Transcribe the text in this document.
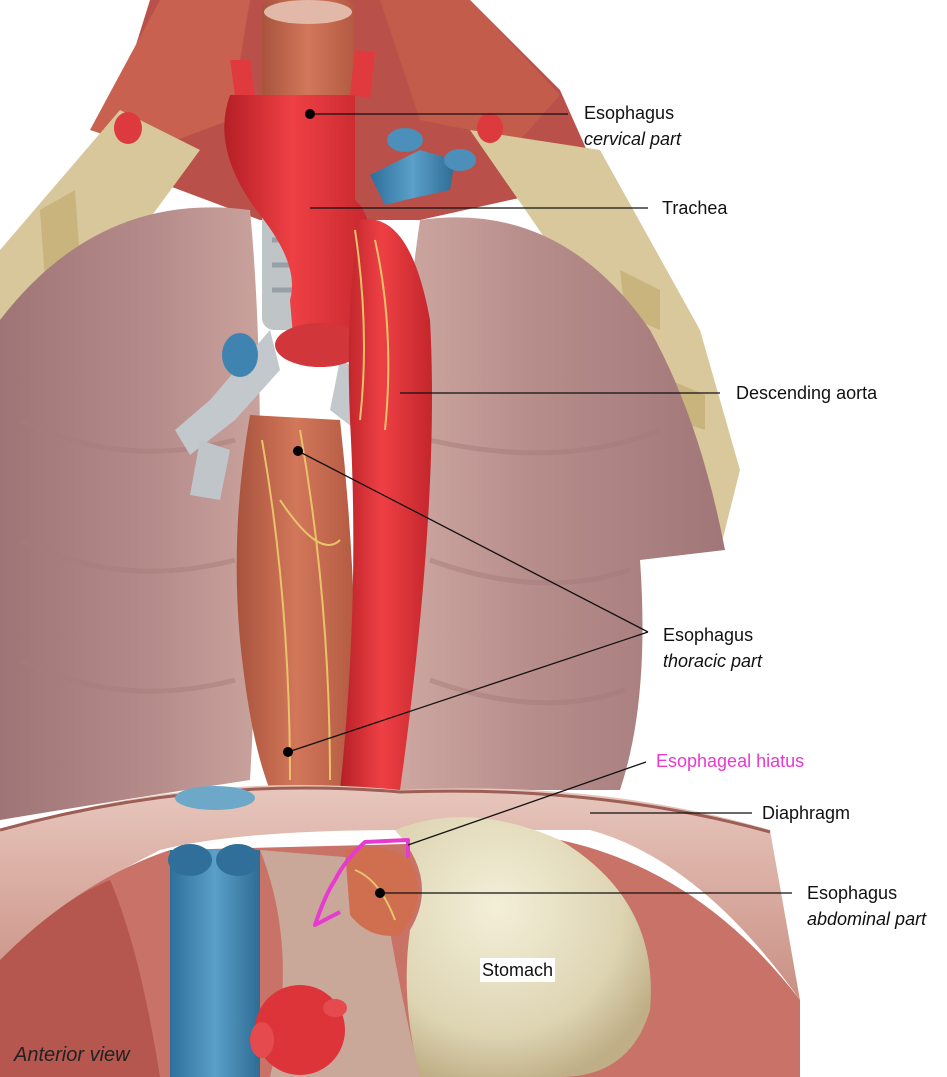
Esophagus
cervical part
Trachea
Descending aorta
Esophagus
thoracic part
Esophageal hiatus
Diaphragm
Esophagus
abdominal part
Stomach
Anterior view
